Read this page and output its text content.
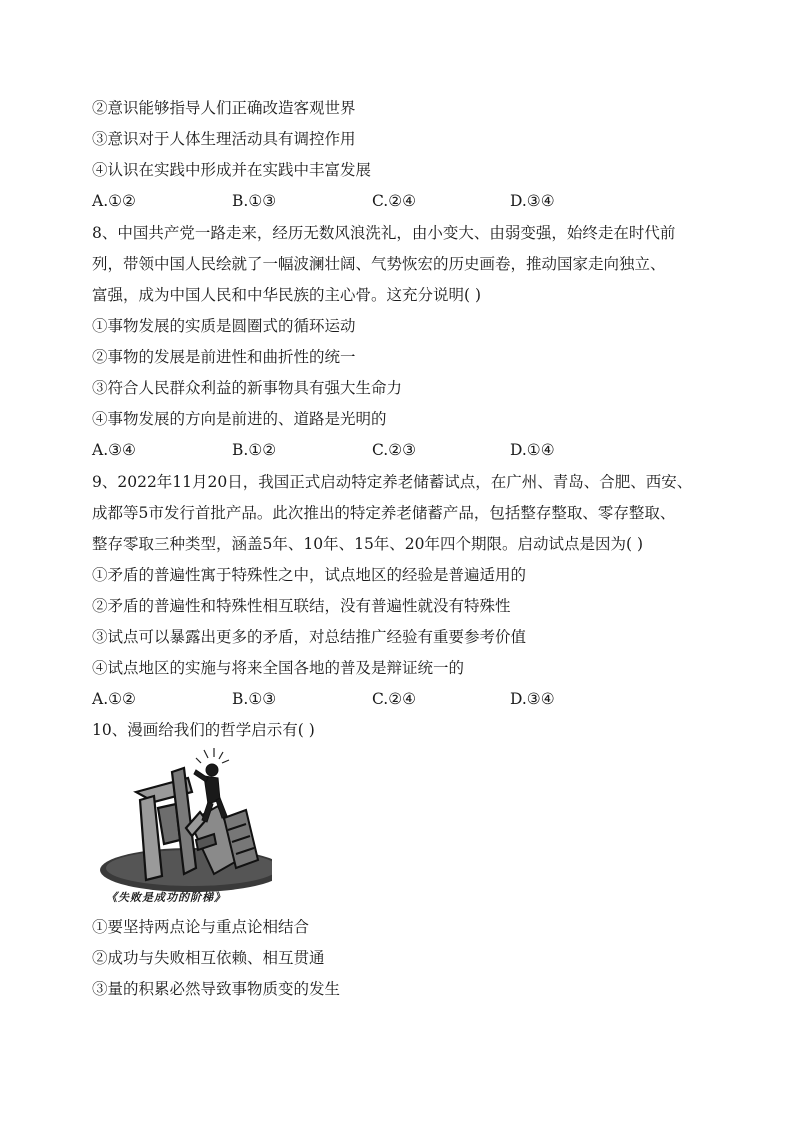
②意识能够指导人们正确改造客观世界
③意识对于人体生理活动具有调控作用
④认识在实践中形成并在实践中丰富发展
A.①②	B.①③	C.②④	D.③④
8、中国共产党一路走来，经历无数风浪洗礼，由小变大、由弱变强，始终走在时代前
列，带领中国人民绘就了一幅波澜壮阔、气势恢宏的历史画卷，推动国家走向独立、
富强，成为中国人民和中华民族的主心骨。这充分说明( )
①事物发展的实质是圆圈式的循环运动
②事物的发展是前进性和曲折性的统一
③符合人民群众利益的新事物具有强大生命力
④事物发展的方向是前进的、道路是光明的
A.③④	B.①②	C.②③	D.①④
9、2022年11月20日，我国正式启动特定养老储蓄试点，在广州、青岛、合肥、西安、
成都等5市发行首批产品。此次推出的特定养老储蓄产品，包括整存整取、零存整取、
整存零取三种类型，涵盖5年、10年、15年、20年四个期限。启动试点是因为( )
①矛盾的普遍性寓于特殊性之中，试点地区的经验是普遍适用的
②矛盾的普遍性和特殊性相互联结，没有普遍性就没有特殊性
③试点可以暴露出更多的矛盾，对总结推广经验有重要参考价值
④试点地区的实施与将来全国各地的普及是辩证统一的
A.①②	B.①③	C.②④	D.③④
10、漫画给我们的哲学启示有( )
《失败是成功的阶梯》
①要坚持两点论与重点论相结合
②成功与失败相互依赖、相互贯通
③量的积累必然导致事物质变的发生
